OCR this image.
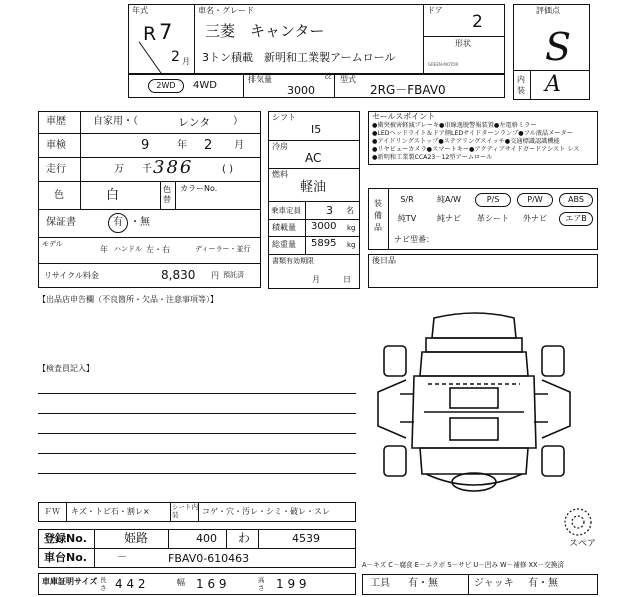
年式
R 7
2 月
車名・グレード
三菱　キャンター
3トン積載　新明和工業製アームロール
ドア
2
形状
GREEN-MOTOR
評価点
S
内装 A
2WD	4WD
排気量	cc
3000
型式
2RG－FBAV0
車歴	自家用・（	レンタ ）
車検	9	年 2 月
走行	万 千 386	( )
色	白	色替
カラーNo.
保証書	有 ・無
モデル
年 ハンドル 左・右	ディーラー・並行
リサイクル料金	8,830 円 預託済
シフト
I5
冷房
AC
燃料
軽油
乗車定員 3 名
積載量 3000 kg
総重量 5895 kg
書類有効期限
月	日
セールスポイント
●衝突被害軽減ブレーキ●車線逸脱警報装置●左電格ミラー
●LEDヘッドライト＆ドア側LEDサイドターンランプ●フル液晶メーター
●アイドリングストップ●ステアリングスイッチ●交通標識認識機能
●リヤビューカメラ●スマートキー●アクティブサイドガードアシスト レス
●新明和工業製CCA23－12型アームロール
装備品
S/R	純A/W	P/S	P/W	ABS
純TV	純ナビ	革シート	外ナビ	エアB
ナビ型番：
後日品
【出品店申告欄（不良箇所・欠品・注意事項等）】
【検査員記入】
スペア
ＦＷ キズ・トビ石・割レ×	シート内装	コゲ・穴・汚レ・シミ・破レ・スレ
登録No.	姫路	400 わ	4539
車台No.	－	FBAV0-610463
車庫証明サイズ 長さ 4 4 2	幅 1 6 9	高さ 1 9 9
A－キズ C－腐食 E－エクボ S－サビ U－凹み W－補修 XX－交換済
工具 有・無	ジャッキ 有・無
